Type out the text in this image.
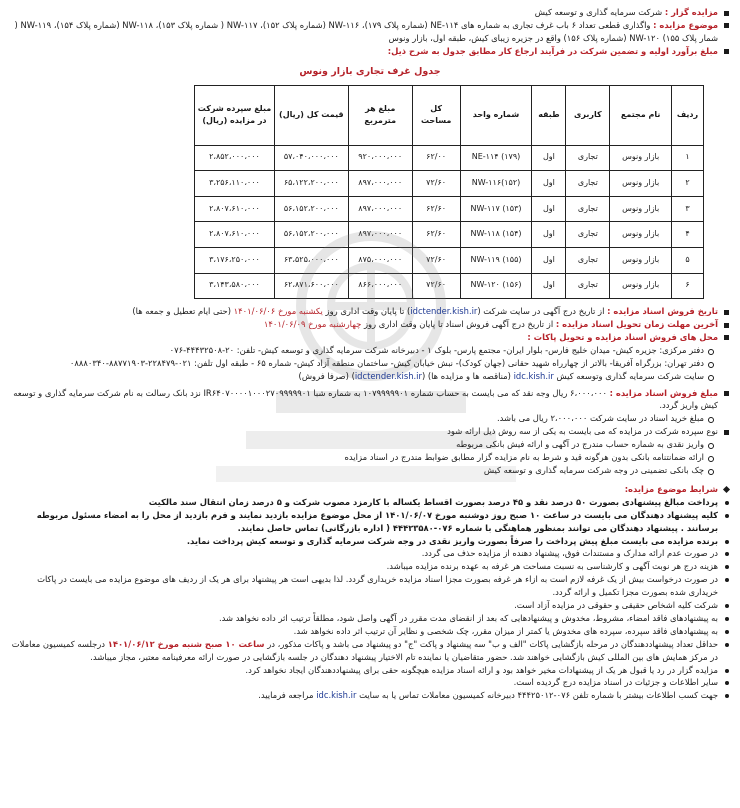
مزایده گزار : شرکت سرمایه گذاری و توسعه کیش
موضوع مزایده : واگذاری قطعی تعداد ۶ باب غرف تجاری به شماره های NE-۱۱۴ (شماره پلاک ۱۷۹)، NW-۱۱۶ (شماره پلاک ۱۵۲)، NW-۱۱۷ ( شماره پلاک ۱۵۳)، NW-۱۱۸ (شماره پلاک ۱۵۴)، NW-۱۱۹ ( شمار پلاک ۱۵۵) NW-۱۲۰ (شماره پلاک ۱۵۶) واقع در جزیره زیبای کیش، طبقه اول، بازار ونوس
مبلغ برآورد اولیه و تضمین شرکت در فرآیند ارجاع کار مطابق جدول به شرح ذیل:
جدول غرف تجاری بازار ونوس
ردیف	نام مجتمع	کاربری	طبقه	شماره واحد	کل مساحت	مبلغ هر مترمربع	قیمت کل (ریال)	مبلغ سپرده شرکت در مزایده (ریال)
۱	بازار ونوس	تجاری	اول	NE-۱۱۴ (۱۷۹)	۶۲/۰۰	۹۲۰،۰۰۰،۰۰۰	۵۷،۰۴۰،۰۰۰،۰۰۰	۲،۸۵۲،۰۰۰،۰۰۰
۲	بازار ونوس	تجاری	اول	NW-۱۱۶(۱۵۲)	۷۲/۶۰	۸۹۷،۰۰۰،۰۰۰	۶۵،۱۲۲،۲۰۰،۰۰۰	۳،۲۵۶،۱۱۰،۰۰۰
۳	بازار ونوس	تجاری	اول	NW-۱۱۷ (۱۵۳)	۶۲/۶۰	۸۹۷،۰۰۰،۰۰۰	۵۶،۱۵۲،۲۰۰،۰۰۰	۲،۸۰۷،۶۱۰،۰۰۰
۴	بازار ونوس	تجاری	اول	NW-۱۱۸ (۱۵۴)	۶۲/۶۰	۸۹۷،۰۰۰،۰۰۰	۵۶،۱۵۲،۲۰۰،۰۰۰	۲،۸۰۷،۶۱۰،۰۰۰
۵	بازار ونوس	تجاری	اول	NW-۱۱۹ (۱۵۵)	۷۲/۶۰	۸۷۵،۰۰۰،۰۰۰	۶۳،۵۲۵،۰۰۰،۰۰۰	۳،۱۷۶،۲۵۰،۰۰۰
۶	بازار ونوس	تجاری	اول	NW-۱۲۰ (۱۵۶)	۷۲/۶۰	۸۶۶،۰۰۰،۰۰۰	۶۲،۸۷۱،۶۰۰،۰۰۰	۳،۱۴۳،۵۸۰،۰۰۰
تاریخ فروش اسناد مزایده : از تاریخ درج آگهی در سایت شرکت (idctender.kish.ir) تا پایان وقت اداری روز یکشنبه مورخ ۱۴۰۱/۰۶/۰۶ (حتی ایام تعطیل و جمعه ها)
آخرین مهلت زمان تحویل اسناد مزایده : از تاریخ درج آگهی فروش اسناد تا پایان وقت اداری روز چهارشنبه مورخ ۱۴۰۱/۰۶/۰۹
محل های فروش اسناد مزایده و تحویل پاکات :
دفتر مرکزی: جزیره کیش- میدان خلیج فارس- بلوار ایران- مجتمع پارس- بلوک ۱ - دبیرخانه شرکت سرمایه گذاری و توسعه کیش- تلفن: ۲۰-۴۴۴۳۲۵۰۸-۰۷۶
دفتر تهران: بزرگراه آفریقا- بالاتر از چهارراه شهید حقانی (جهان کودک)- نبش خیابان کیش- ساختمان منطقه آزاد کیش- شماره ۶۵ - طبقه اول تلفن: ۰۲۱-۲۲۸۴۷۹-۸۸۷۷۱۹۰۳-۰۸۸۸۰۳۴۰
سایت شرکت سرمایه گذاری وتوسعه کیش idc.kish.ir (مناقصه ها و مزایده ها) (idctender.kish.ir) (صرفا فروش)
مبلغ فروش اسناد مزایده : ۶،۰۰۰،۰۰۰ ریال وجه نقد که می بایست به حساب شماره ۱۰۷۹۹۹۹۹۰۱ به شماره شبا IR۶۴۰۷۰۰۰۰۱۰۰۰۲۷۰۹۹۹۹۹۰۱ نزد بانک رسالت به نام شرکت سرمایه گذاری و توسعه کیش واریز گردد.
مبلغ خرید اسناد در سایت شرکت ۲،۰۰۰،۰۰۰ ریال می باشد.
نوع سپرده شرکت در مزایده که می بایست به یکی از سه روش ذیل ارائه شود
واریز نقدی به شماره حساب مندرج در آگهی و ارائه فیش بانکی مربوطه
ارائه ضمانتنامه بانکی بدون هرگونه قید و شرط به نام مزایده گزار مطابق ضوابط مندرج در اسناد مزایده
چک بانکی تضمینی در وجه شرکت سرمایه گذاری و توسعه کیش
شرایط موضوع مزایده:
پرداخت مبالغ پیشنهادی بصورت ۵۰ درصد نقد و ۴۵ درصد بصورت اقساط یکساله با کارمزد مصوب شرکت و ۵ درصد زمان انتقال سند مالکیت
کلیه پیشنهاد دهندگان می بایست در ساعت ۱۰ صبح روز دوشنبه مورخ ۱۴۰۱/۰۶/۰۷ از محل موضوع مزایده بازدید نمایند و فرم بازدید از محل را به امضاء مسئول مربوطه برسانند . پیشنهاد دهندگان می توانند بمنظور هماهنگی با شماره ۰۷۶-۴۴۴۲۳۵۸۰ ( اداره بازرگانی) تماس حاصل نمایند.
برنده مزایده می بایست مبلغ پیش پرداخت را صرفاً بصورت واریز نقدی در وجه شرکت سرمایه گذاری و توسعه کیش پرداخت نماید.
در صورت عدم ارائه مدارک و مستندات فوق، پیشنهاد دهنده از مزایده حذف می گردد.
هزینه درج هر نوبت آگهی و کارشناسی به نسبت مساحت هر غرفه به عهده برنده مزایده میباشد.
در صورت درخواست بیش از یک غرفه لازم است به ازاء هر غرفه بصورت مجزا اسناد مزایده خریداری گردد. لذا بدیهی است هر پیشنهاد برای هر یک از ردیف های موضوع مزایده می بایست در پاکات خریداری شده بصورت مجزا تکمیل و ارائه گردد.
شرکت کلیه اشخاص حقیقی و حقوقی در مزایده آزاد است.
به پیشنهادهای فاقد امضاء، مشروط، مخدوش و پیشنهادهایی که بعد از انقضای مدت مقرر در آگهی واصل شود، مطلقاً ترتیب اثر داده نخواهد شد.
به پیشنهادهای فاقد سپرده، سپرده های مخدوش یا کمتر از میزان مقرر، چک شخصی و نظایر آن ترتیب اثر داده نخواهد شد.
حداقل تعداد پیشنهاددهندگان در مرحله بازگشایی پاکات "الف و ب" سه پیشنهاد و پاکت "ج" دو پیشنهاد می باشد و پاکات مذکور، در ساعت ۱۰ صبح شنبه مورخ ۱۴۰۱/۰۶/۱۲ درجلسه کمیسیون معاملات در مرکز همایش های بین المللی کیش بازگشایی خواهند شد. حضور متقاضیان یا نماینده تام الاختیار پیشنهاد دهندگان در جلسه بازگشایی در صورت ارائه معرفینامه معتبر، مجاز میباشد.
مزایده گزار در رد یا قبول هر یک از پیشنهادات مخیر خواهد بود و ارائه اسناد مزایده هیچگونه حقی برای پیشنهاددهندگان ایجاد نخواهد کرد.
سایر اطلاعات و جزئیات در اسناد مزایده درج گردیده است.
جهت کسب اطلاعات بیشتر با شماره تلفن ۰۷۶-۴۴۴۲۵۰۱۲ دبیرخانه کمیسیون معاملات تماس یا به سایت idc.kish.ir مراجعه فرمایید.
